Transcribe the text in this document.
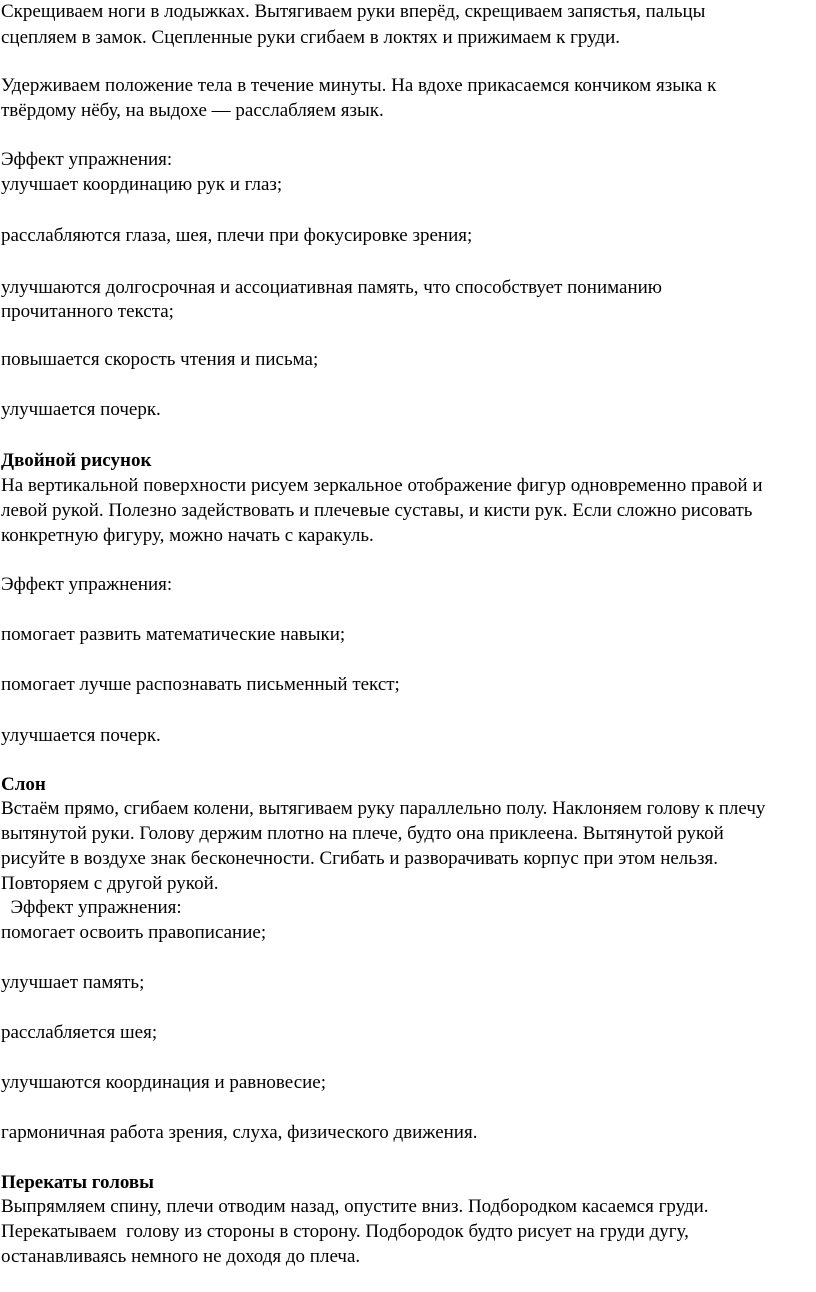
Скрещиваем ноги в лодыжках. Вытягиваем руки вперёд, скрещиваем запястья, пальцы
сцепляем в замок. Сцепленные руки сгибаем в локтях и прижимаем к груди.
Удерживаем положение тела в течение минуты. На вдохе прикасаемся кончиком языка к
твёрдому нёбу, на выдохе — расслабляем язык.
Эффект упражнения:
улучшает координацию рук и глаз;
расслабляются глаза, шея, плечи при фокусировке зрения;
улучшаются долгосрочная и ассоциативная память, что способствует пониманию
прочитанного текста;
повышается скорость чтения и письма;
улучшается почерк.
Двойной рисунок
На вертикальной поверхности рисуем зеркальное отображение фигур одновременно правой и
левой рукой. Полезно задействовать и плечевые суставы, и кисти рук. Если сложно рисовать
конкретную фигуру, можно начать с каракуль.
Эффект упражнения:
помогает развить математические навыки;
помогает лучше распознавать письменный текст;
улучшается почерк.
Слон
Встаём прямо, сгибаем колени, вытягиваем руку параллельно полу. Наклоняем голову к плечу
вытянутой руки. Голову держим плотно на плече, будто она приклеена. Вытянутой рукой
рисуйте в воздухе знак бесконечности. Сгибать и разворачивать корпус при этом нельзя.
Повторяем с другой рукой.
Эффект упражнения:
помогает освоить правописание;
улучшает память;
расслабляется шея;
улучшаются координация и равновесие;
гармоничная работа зрения, слуха, физического движения.
Перекаты головы
Выпрямляем спину, плечи отводим назад, опустите вниз. Подбородком касаемся груди.
Перекатываем  голову из стороны в сторону. Подбородок будто рисует на груди дугу,
останавливаясь немного не доходя до плеча.
